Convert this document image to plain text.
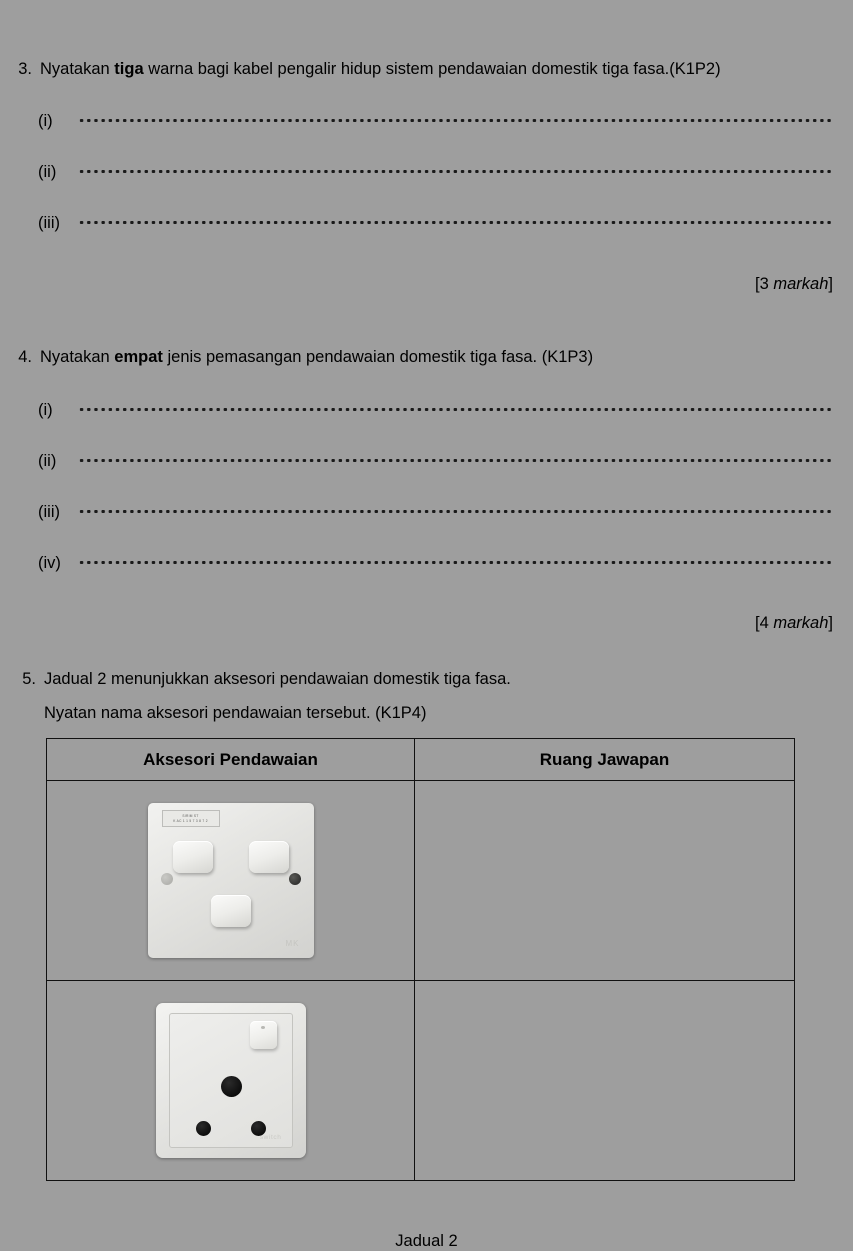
3. Nyatakan tiga warna bagi kabel pengalir hidup sistem pendawaian domestik tiga fasa.(K1P2)
(i)
(ii)
(iii)
[3 markah]
4. Nyatakan empat jenis pemasangan pendawaian domestik tiga fasa. (K1P3)
(i)
(ii)
(iii)
(iv)
[4 markah]
5. Jadual 2 menunjukkan aksesori pendawaian domestik tiga fasa.
Nyatan nama aksesori pendawaian tersebut. (K1P4)
Aksesori Pendawaian	Ruang Jawapan

SIRIM ST
K AC 1 1 5 7 3 8 7 2
MK	

switch	

Jadual 2
